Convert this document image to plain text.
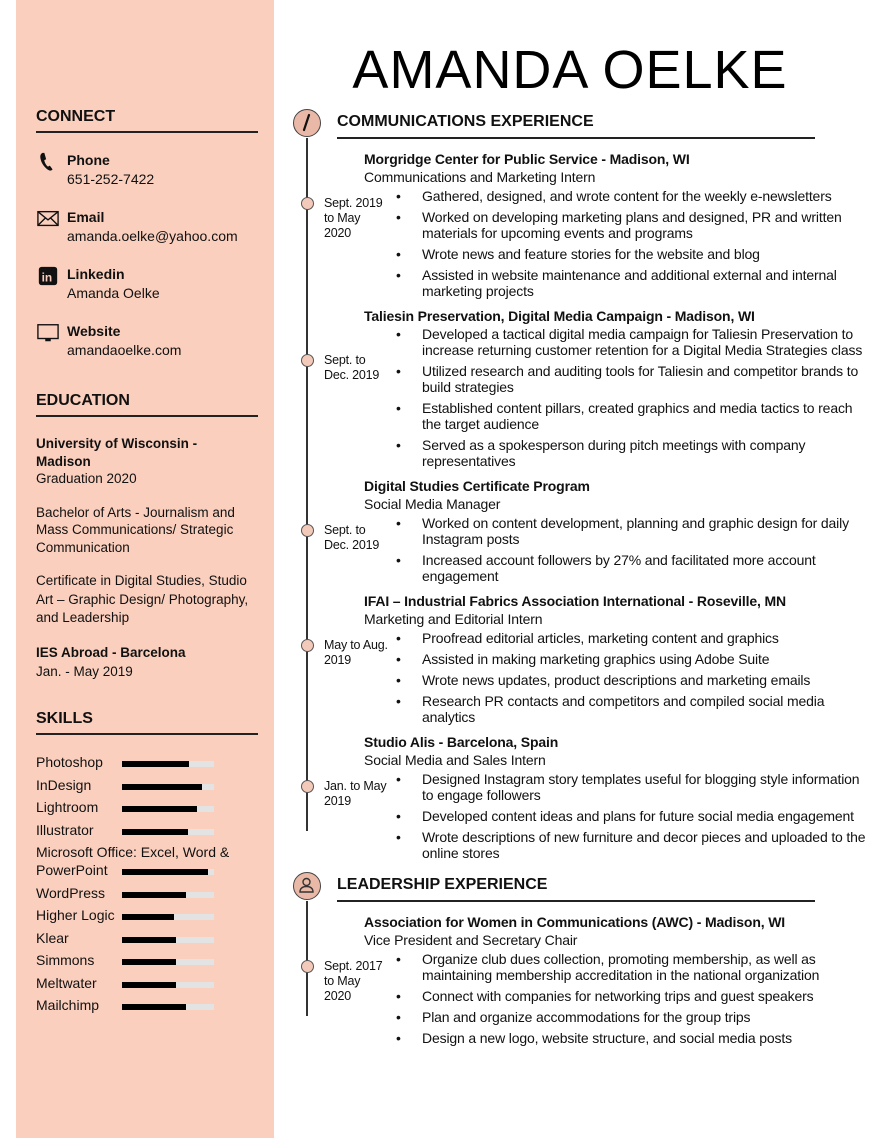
CONNECT
Phone
651-252-7422
Email
amanda.oelke@yahoo.com
in Linkedin
Amanda Oelke
Website
amandaoelke.com
EDUCATION
University of Wisconsin - Madison
Graduation 2020
Bachelor of Arts - Journalism and Mass Communications/ Strategic Communication
Certificate in Digital Studies, Studio Art – Graphic Design/ Photography, and Leadership
IES Abroad - Barcelona
Jan. - May 2019
SKILLS
Photoshop
InDesign
Lightroom
Illustrator
Microsoft Office: Excel, Word & PowerPoint
WordPress
Higher Logic
Klear
Simmons
Meltwater
Mailchimp
AMANDA OELKE
COMMUNICATIONS EXPERIENCE
Sept. 2019 to May 2020
Morgridge Center for Public Service - Madison, WI
Communications and Marketing Intern
• Gathered, designed, and wrote content for the weekly e-newsletters
• Worked on developing marketing plans and designed, PR and written materials for upcoming events and programs
• Wrote news and feature stories for the website and blog
• Assisted in website maintenance and additional external and internal marketing projects
Sept. to Dec. 2019
Taliesin Preservation, Digital Media Campaign - Madison, WI
• Developed a tactical digital media campaign for Taliesin Preservation to increase returning customer retention for a Digital Media Strategies class
• Utilized research and auditing tools for Taliesin and competitor brands to build strategies
• Established content pillars, created graphics and media tactics to reach the target audience
• Served as a spokesperson during pitch meetings with company representatives
Sept. to Dec. 2019
Digital Studies Certificate Program
Social Media Manager
• Worked on content development, planning and graphic design for daily Instagram posts
• Increased account followers by 27% and facilitated more account engagement
May to Aug. 2019
IFAI – Industrial Fabrics Association International - Roseville, MN
Marketing and Editorial Intern
• Proofread editorial articles, marketing content and graphics
• Assisted in making marketing graphics using Adobe Suite
• Wrote news updates, product descriptions and marketing emails
• Research PR contacts and competitors and compiled social media analytics
Jan. to May 2019
Studio Alis - Barcelona, Spain
Social Media and Sales Intern
• Designed Instagram story templates useful for blogging style information to engage followers
• Developed content ideas and plans for future social media engagement
• Wrote descriptions of new furniture and decor pieces and uploaded to the online stores
LEADERSHIP EXPERIENCE
Sept. 2017 to May 2020
Association for Women in Communications (AWC) - Madison, WI
Vice President and Secretary Chair
• Organize club dues collection, promoting membership, as well as maintaining membership accreditation in the national organization
• Connect with companies for networking trips and guest speakers
• Plan and organize accommodations for the group trips
• Design a new logo, website structure, and social media posts
